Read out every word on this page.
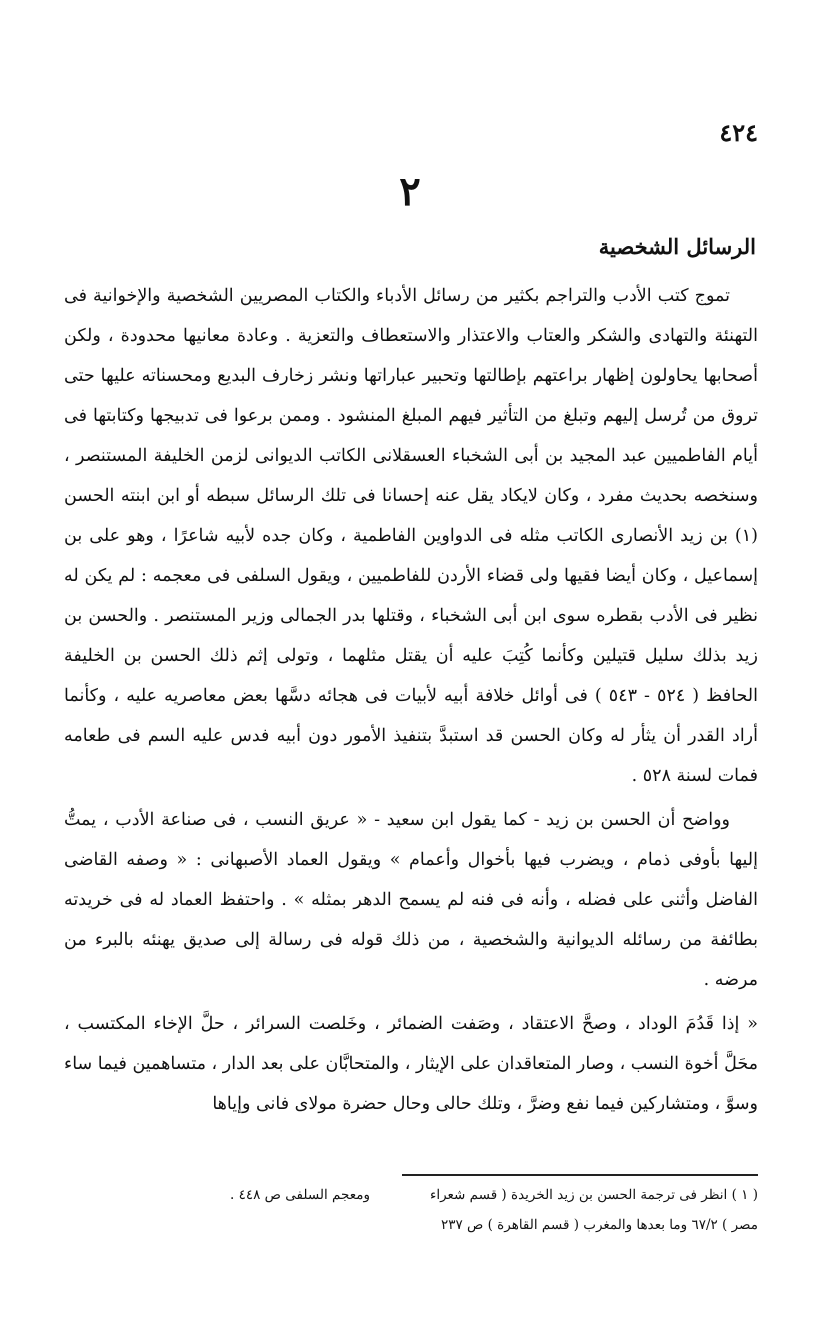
٤٢٤
٢
الرسائل الشخصية

تموج كتب الأدب والتراجم بكثير من رسائل الأدباء والكتاب المصريين الشخصية والإخوانية فى التهنئة والتهادى والشكر والعتاب والاعتذار والاستعطاف والتعزية . وعادة معانيها محدودة ، ولكن أصحابها يحاولون إظهار براعتهم بإطالتها وتحبير عباراتها ونشر زخارف البديع ومحسناته عليها حتى تروق من تُرسل إليهم وتبلغ من التأثير فيهم المبلغ المنشود . وممن برعوا فى تدبيجها وكتابتها فى أيام الفاطميين عبد المجيد بن أبى الشخباء العسقلانى الكاتب الديوانى لزمن الخليفة المستنصر ، وسنخصه بحديث مفرد ، وكان لايكاد يقل عنه إحسانا فى تلك الرسائل سبطه أو ابن ابنته الحسن (١) بن زيد الأنصارى الكاتب مثله فى الدواوين الفاطمية ، وكان جده لأبيه شاعرًا ، وهو على بن إسماعيل ، وكان أيضا فقيها ولى قضاء الأردن للفاطميين ، ويقول السلفى فى معجمه : لم يكن له نظير فى الأدب بقطره سوى ابن أبى الشخباء ، وقتلها بدر الجمالى وزير المستنصر . والحسن بن زيد بذلك سليل قتيلين وكأنما كُتِبَ عليه أن يقتل مثلهما ، وتولى إثم ذلك الحسن بن الخليفة الحافظ ( ٥٢٤ - ٥٤٣ ) فى أوائل خلافة أبيه لأبيات فى هجائه دسَّها بعض معاصريه عليه ، وكأنما أراد القدر أن يثأر له وكان الحسن قد استبدَّ بتنفيذ الأمور دون أبيه فدس عليه السم فى طعامه فمات لسنة ٥٢٨ .

وواضح أن الحسن بن زيد - كما يقول ابن سعيد - « عريق النسب ، فى صناعة الأدب ، يمتُّ إليها بأوفى ذمام ، ويضرب فيها بأخوال وأعمام » ويقول العماد الأصبهانى : « وصفه القاضى الفاضل وأثنى على فضله ، وأنه فى فنه لم يسمح الدهر بمثله » . واحتفظ العماد له فى خريدته بطائفة من رسائله الديوانية والشخصية ، من ذلك قوله فى رسالة إلى صديق يهنئه بالبرء من مرضه .

« إذا قَدُمَ الوداد ، وصحَّ الاعتقاد ، وصَفت الضمائر ، وخَلصت السرائر ، حلَّ الإخاء المكتسب ، محَلَّ أخوة النسب ، وصار المتعاقدان على الإيثار ، والمتحابَّان على بعد الدار ، متساهمين فيما ساء وسوَّ ، ومتشاركين فيما نفع وضرَّ ، وتلك حالى وحال حضرة مولاى فانى وإياها

( ١ ) انظر فى ترجمة الحسن بن زيد الخريدة ( قسم شعراءومعجم السلفى ص ٤٤٨ .

مصر ) ٦٧/٢ وما بعدها والمغرب ( قسم القاهرة ) ص ٢٣٧
